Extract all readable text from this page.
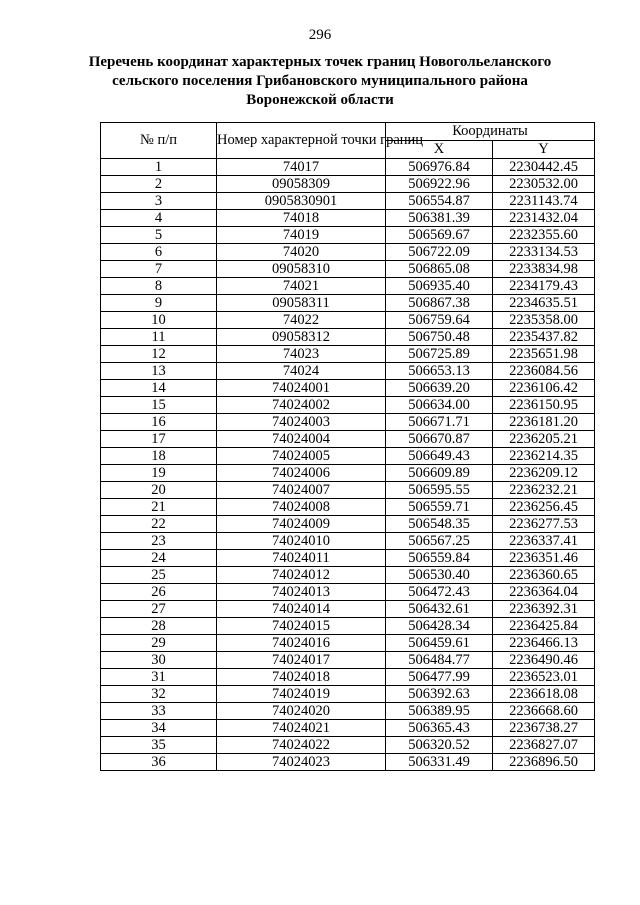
296
Перечень координат характерных точек границ Новогольеланского
сельского поселения Грибановского муниципального района
Воронежской области
№ п/п	Номер характерной точки границ	Координаты	
		X	Y
1	74017	506976.84	2230442.45
2	09058309	506922.96	2230532.00
3	0905830901	506554.87	2231143.74
4	74018	506381.39	2231432.04
5	74019	506569.67	2232355.60
6	74020	506722.09	2233134.53
7	09058310	506865.08	2233834.98
8	74021	506935.40	2234179.43
9	09058311	506867.38	2234635.51
10	74022	506759.64	2235358.00
11	09058312	506750.48	2235437.82
12	74023	506725.89	2235651.98
13	74024	506653.13	2236084.56
14	74024001	506639.20	2236106.42
15	74024002	506634.00	2236150.95
16	74024003	506671.71	2236181.20
17	74024004	506670.87	2236205.21
18	74024005	506649.43	2236214.35
19	74024006	506609.89	2236209.12
20	74024007	506595.55	2236232.21
21	74024008	506559.71	2236256.45
22	74024009	506548.35	2236277.53
23	74024010	506567.25	2236337.41
24	74024011	506559.84	2236351.46
25	74024012	506530.40	2236360.65
26	74024013	506472.43	2236364.04
27	74024014	506432.61	2236392.31
28	74024015	506428.34	2236425.84
29	74024016	506459.61	2236466.13
30	74024017	506484.77	2236490.46
31	74024018	506477.99	2236523.01
32	74024019	506392.63	2236618.08
33	74024020	506389.95	2236668.60
34	74024021	506365.43	2236738.27
35	74024022	506320.52	2236827.07
36	74024023	506331.49	2236896.50
